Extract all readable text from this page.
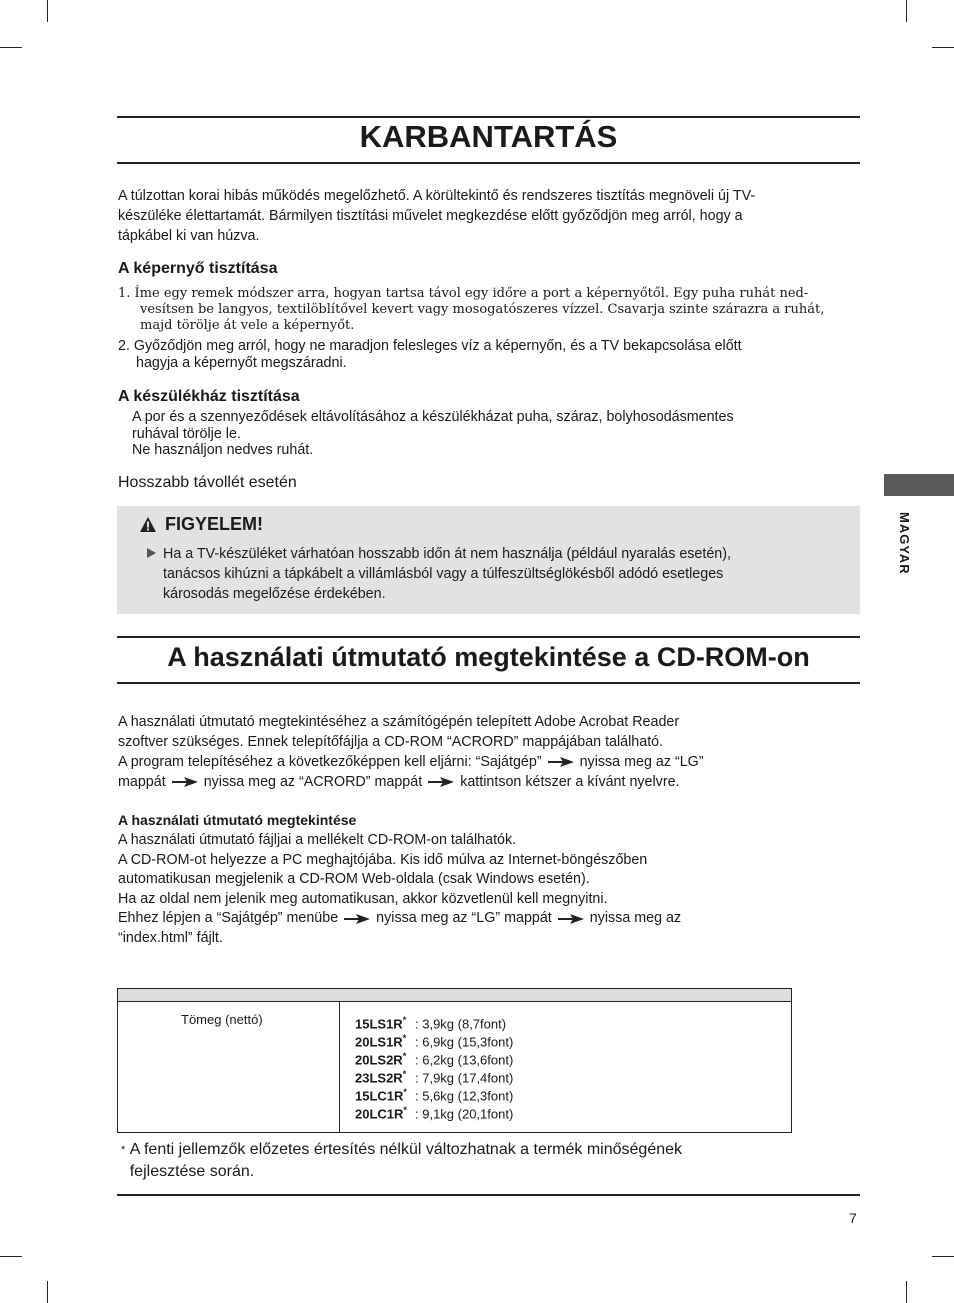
KARBANTARTÁS
A túlzottan korai hibás működés megelőzhető. A körültekintő és rendszeres tisztítás megnöveli új TV-
készüléke élettartamát. Bármilyen tisztítási művelet megkezdése előtt győződjön meg arról, hogy a
tápkábel ki van húzva.
A képernyő tisztítása
1. Íme egy remek módszer arra, hogyan tartsa távol egy időre a port a képernyőtől. Egy puha ruhát ned-
vesítsen be langyos, textilöblítővel kevert vagy mosogatószeres vízzel. Csavarja szinte szárazra a ruhát,
majd törölje át vele a képernyőt.
2. Győződjön meg arról, hogy ne maradjon felesleges víz a képernyőn, és a TV bekapcsolása előtt
hagyja a képernyőt megszáradni.
A készülékház tisztítása
A por és a szennyeződések eltávolításához a készülékházat puha, száraz, bolyhosodásmentes
ruhával törölje le.
Ne használjon nedves ruhát.
Hosszabb távollét esetén
MAGYAR
FIGYELEM!
Ha a TV-készüléket várhatóan hosszabb időn át nem használja (például nyaralás esetén),
tanácsos kihúzni a tápkábelt a villámlásból vagy a túlfeszültséglökésből adódó esetleges
károsodás megelőzése érdekében.
A használati útmutató megtekintése a CD-ROM-on
A használati útmutató megtekintéséhez a számítógépén telepített Adobe Acrobat Reader
szoftver szükséges. Ennek telepítőfájlja a CD-ROM “ACRORD” mappájában található.
A program telepítéséhez a következőképpen kell eljárni: “Sajátgép”	nyissa meg az “LG”
mappát	nyissa meg az “ACRORD” mappát	kattintson kétszer a kívánt nyelvre.
A használati útmutató megtekintése
A használati útmutató fájljai a mellékelt CD-ROM-on találhatók.
A CD-ROM-ot helyezze a PC meghajtójába. Kis idő múlva az Internet-böngészőben
automatikusan megjelenik a CD-ROM Web-oldala (csak Windows esetén).
Ha az oldal nem jelenik meg automatikusan, akkor közvetlenül kell megnyitni.
Ehhez lépjen a “Sajátgép” menübe	nyissa meg az “LG” mappát	nyissa meg az
“index.html” fájlt.
Tömeg (nettó)	15LS1R* : 3,9kg (8,7font)
20LS1R* : 6,9kg (15,3font)
20LS2R* : 6,2kg (13,6font)
23LS2R* : 7,9kg (17,4font)
15LC1R* : 5,6kg (12,3font)
20LC1R* : 9,1kg (20,1font)
* A fenti jellemzők előzetes értesítés nélkül változhatnak a termék minőségének
fejlesztése során.
7
